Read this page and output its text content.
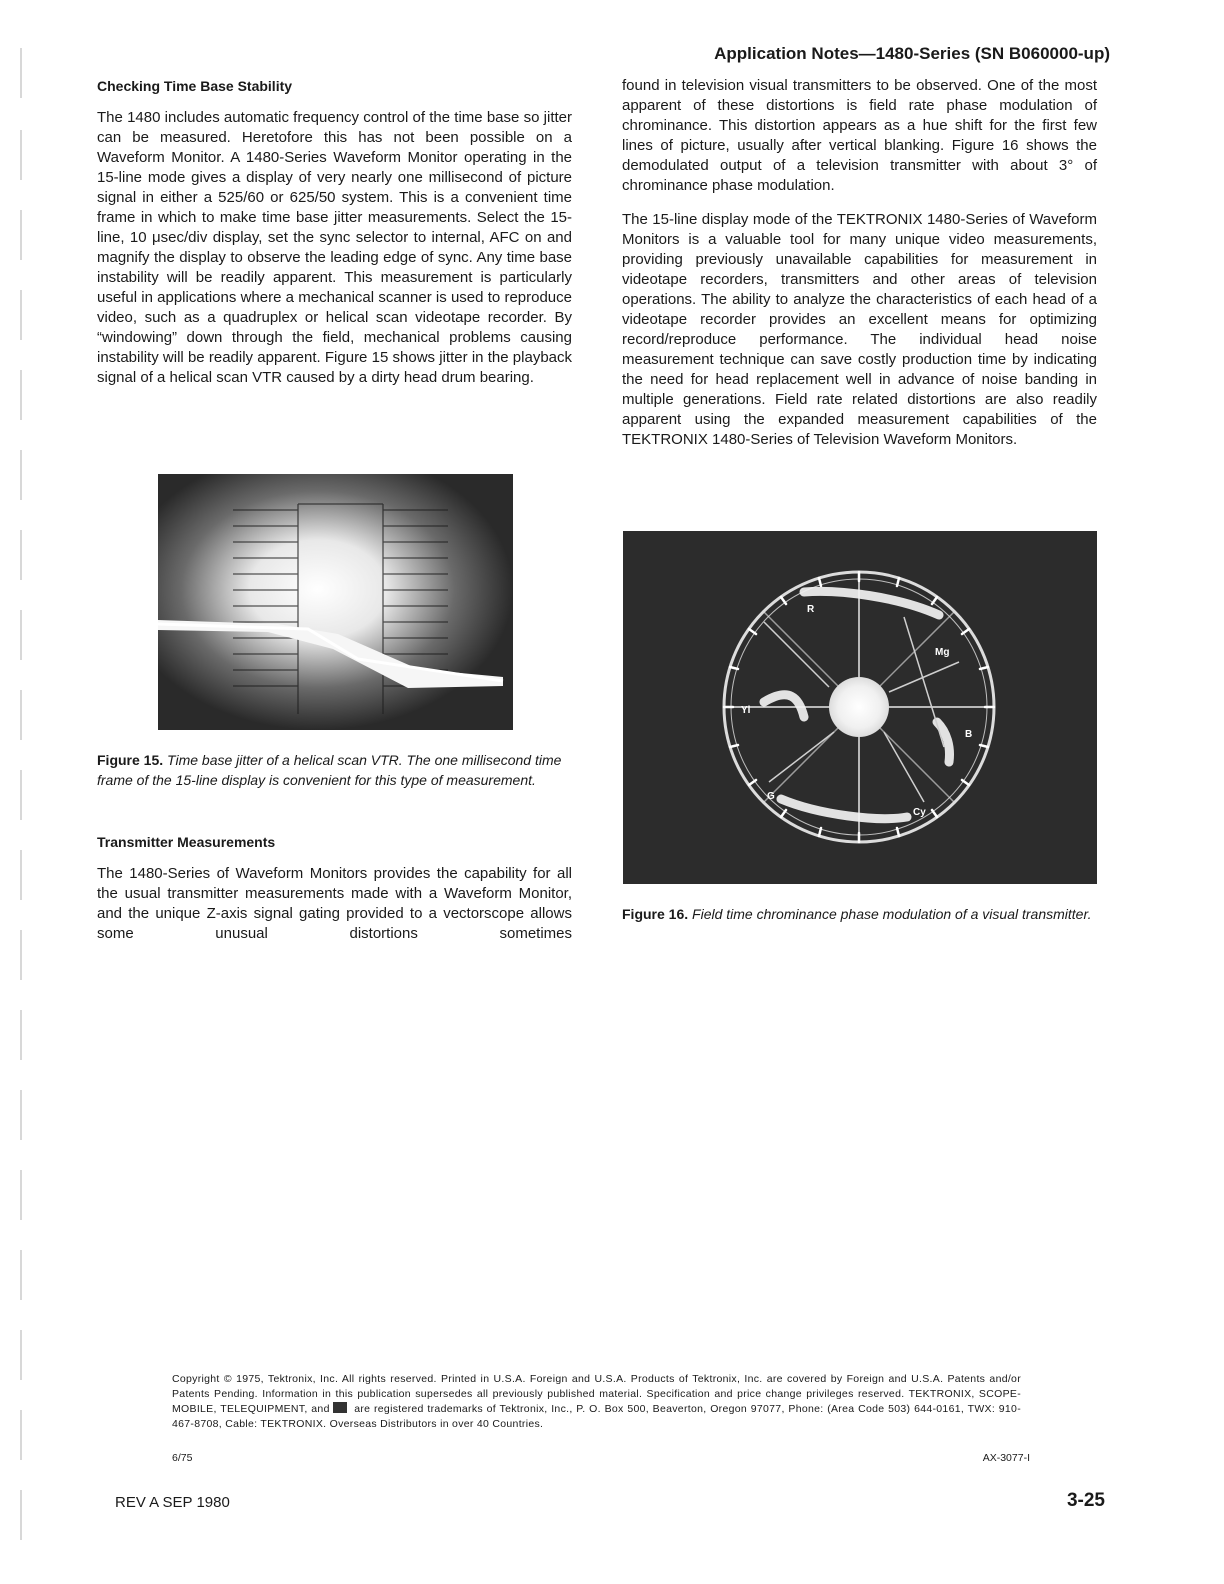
Application Notes—1480-Series (SN B060000-up)

Checking Time Base Stability

The 1480 includes automatic frequency control of the time base so jitter can be measured. Heretofore this has not been possible on a Waveform Monitor. A 1480-Series Waveform Monitor operating in the 15-line mode gives a display of very nearly one millisecond of picture signal in either a 525/60 or 625/50 system. This is a convenient time frame in which to make time base jitter measurements. Select the 15-line, 10 μsec/div display, set the sync selector to internal, AFC on and magnify the display to observe the leading edge of sync. Any time base instability will be readily apparent. This measurement is particularly useful in applications where a mechanical scanner is used to reproduce video, such as a quadruplex or helical scan videotape recorder. By “windowing” down through the field, mechanical problems causing instability will be readily apparent. Figure 15 shows jitter in the playback signal of a helical scan VTR caused by a dirty head drum bearing.

Figure 15. Time base jitter of a helical scan VTR. The one millisecond time frame of the 15-line display is convenient for this type of measurement.

Transmitter Measurements

The 1480-Series of Waveform Monitors provides the capability for all the usual transmitter measurements made with a Waveform Monitor, and the unique Z-axis signal gating provided to a vectorscope allows some unusual distortions sometimes

found in television visual transmitters to be observed. One of the most apparent of these distortions is field rate phase modulation of chrominance. This distortion appears as a hue shift for the first few lines of picture, usually after vertical blanking. Figure 16 shows the demodulated output of a television transmitter with about 3° of chrominance phase modulation.

The 15-line display mode of the TEKTRONIX 1480-Series of Waveform Monitors is a valuable tool for many unique video measurements, providing previously unavailable capabilities for measurement in videotape recorders, transmitters and other areas of television operations. The ability to analyze the characteristics of each head of a videotape recorder provides an excellent means for optimizing record/reproduce performance. The individual head noise measurement technique can save costly production time by indicating the need for head replacement well in advance of noise banding in multiple generations. Field rate related distortions are also readily apparent using the expanded measurement capabilities of the TEKTRONIX 1480-Series of Television Waveform Monitors.

R
Mg
Yl
B
G
Cy

Figure 16. Field time chrominance phase modulation of a visual transmitter.

Copyright © 1975, Tektronix, Inc. All rights reserved. Printed in U.S.A. Foreign and U.S.A. Products of Tektronix, Inc. are covered by Foreign and U.S.A. Patents and/or Patents Pending. Information in this publication supersedes all previously published material. Specification and price change privileges reserved. TEKTRONIX, SCOPE-MOBILE, TELEQUIPMENT, and are registered trademarks of Tektronix, Inc., P. O. Box 500, Beaverton, Oregon 97077, Phone: (Area Code 503) 644-0161, TWX: 910-467-8708, Cable: TEKTRONIX. Overseas Distributors in over 40 Countries.
6/75	AX-3077-I
REV A SEP 1980	3-25
